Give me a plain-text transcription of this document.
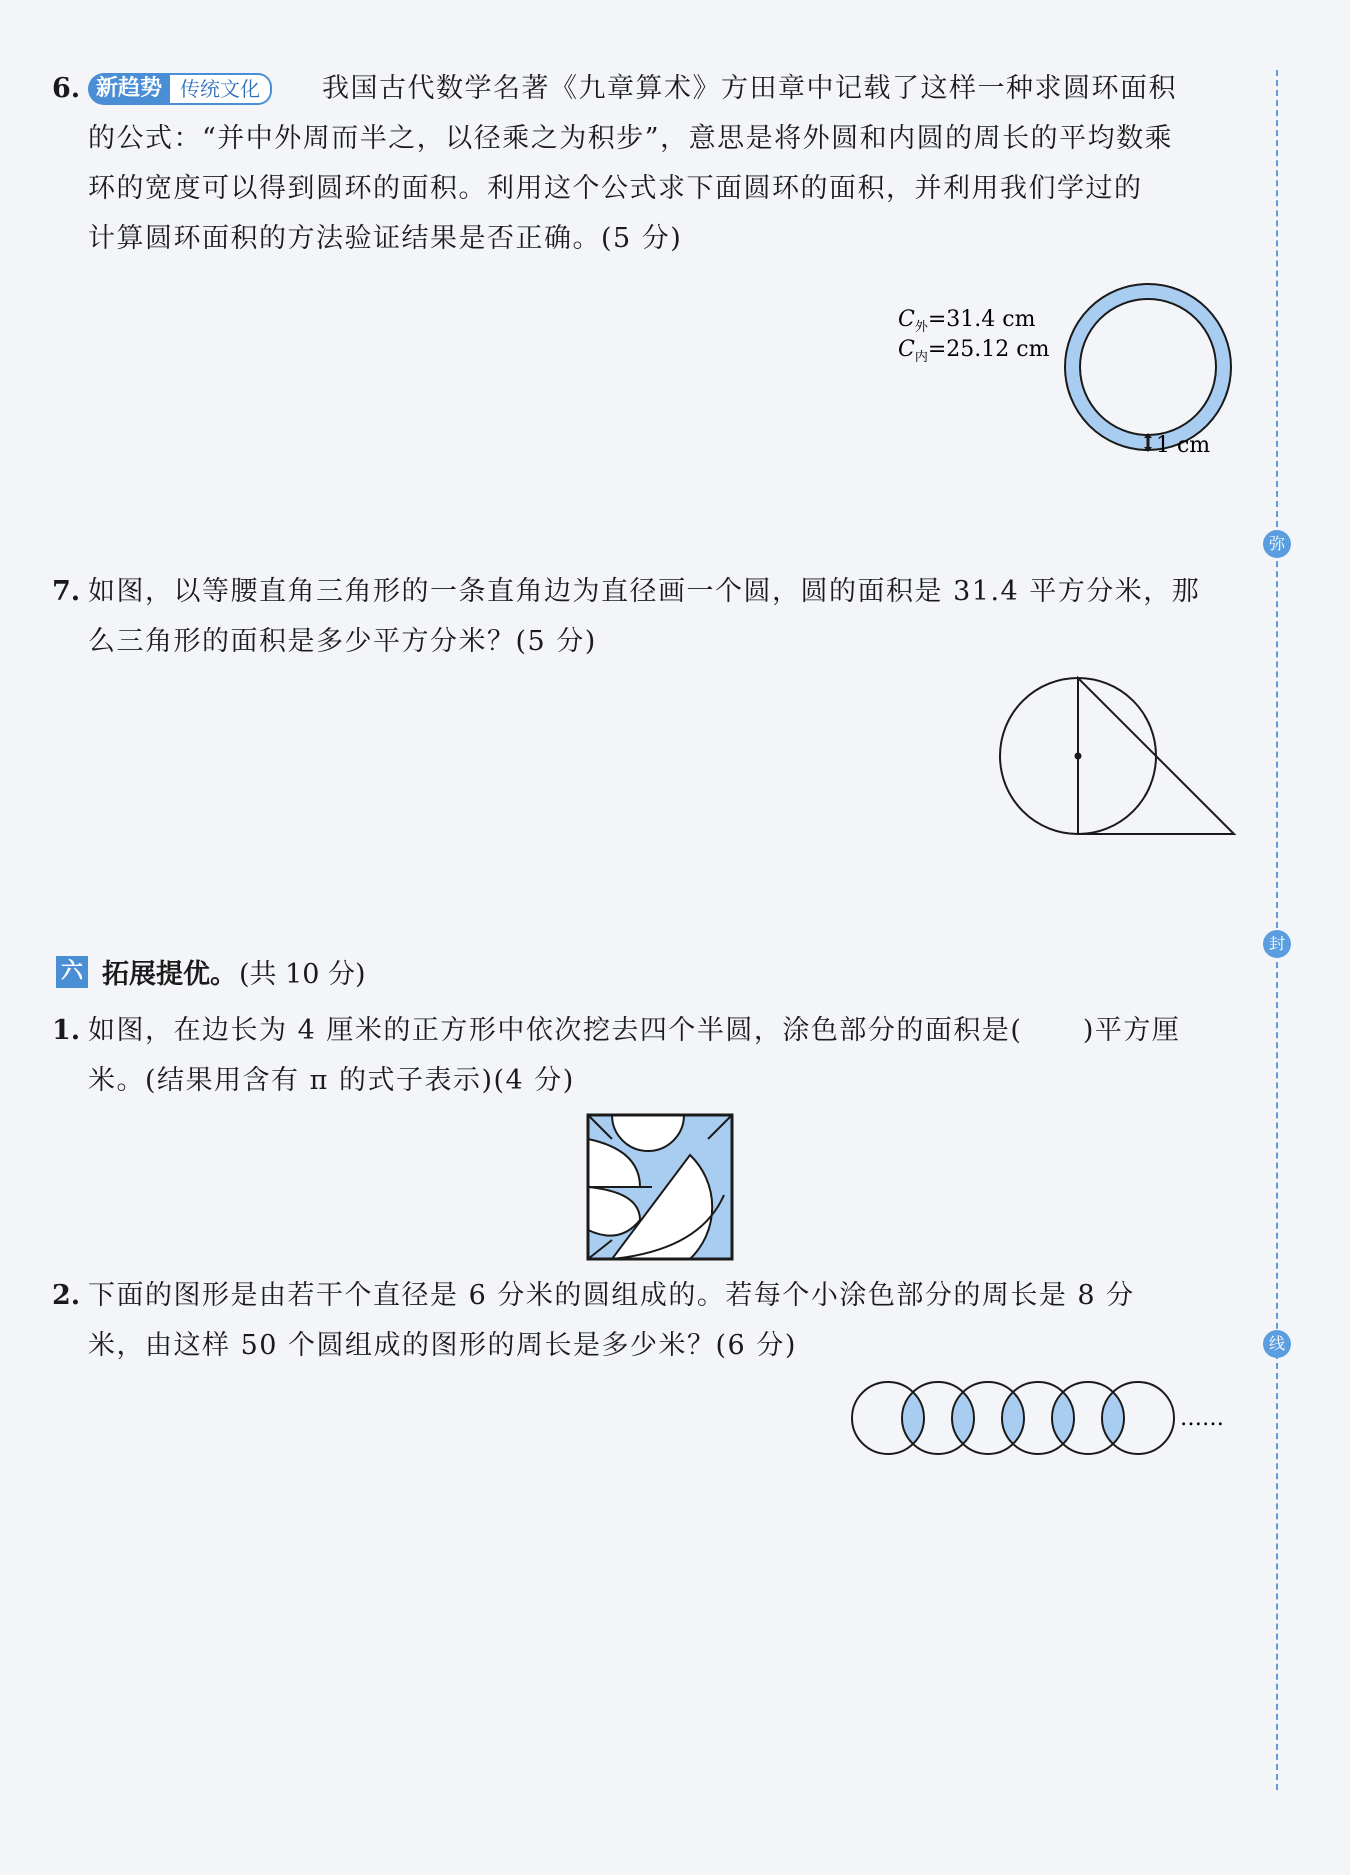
6. 新趋势 传统文化	我国古代数学名著《九章算术》方田章中记载了这样一种求圆环面积

的公式：“并中外周而半之，以径乘之为积步”，意思是将外圆和内圆的周长的平均数乘

环的宽度可以得到圆环的面积。利用这个公式求下面圆环的面积，并利用我们学过的

计算圆环面积的方法验证结果是否正确。(5 分)

$C_外=31.4$ cm
$C_内=25.12$ cm
1 cm
7. 如图，以等腰直角三角形的一条直角边为直径画一个圆，圆的面积是 31.4 平方分米，那

么三角形的面积是多少平方分米？(5 分)

六 拓展提优。 (共 10 分)
1. 如图，在边长为 4 厘米的正方形中依次挖去四个半圆，涂色部分的面积是(      )平方厘

米。(结果用含有 π 的式子表示)(4 分)

2. 下面的图形是由若干个直径是 6 分米的圆组成的。若每个小涂色部分的周长是 8 分

米，由这样 50 个圆组成的图形的周长是多少米？(6 分)

……
弥
封
线
